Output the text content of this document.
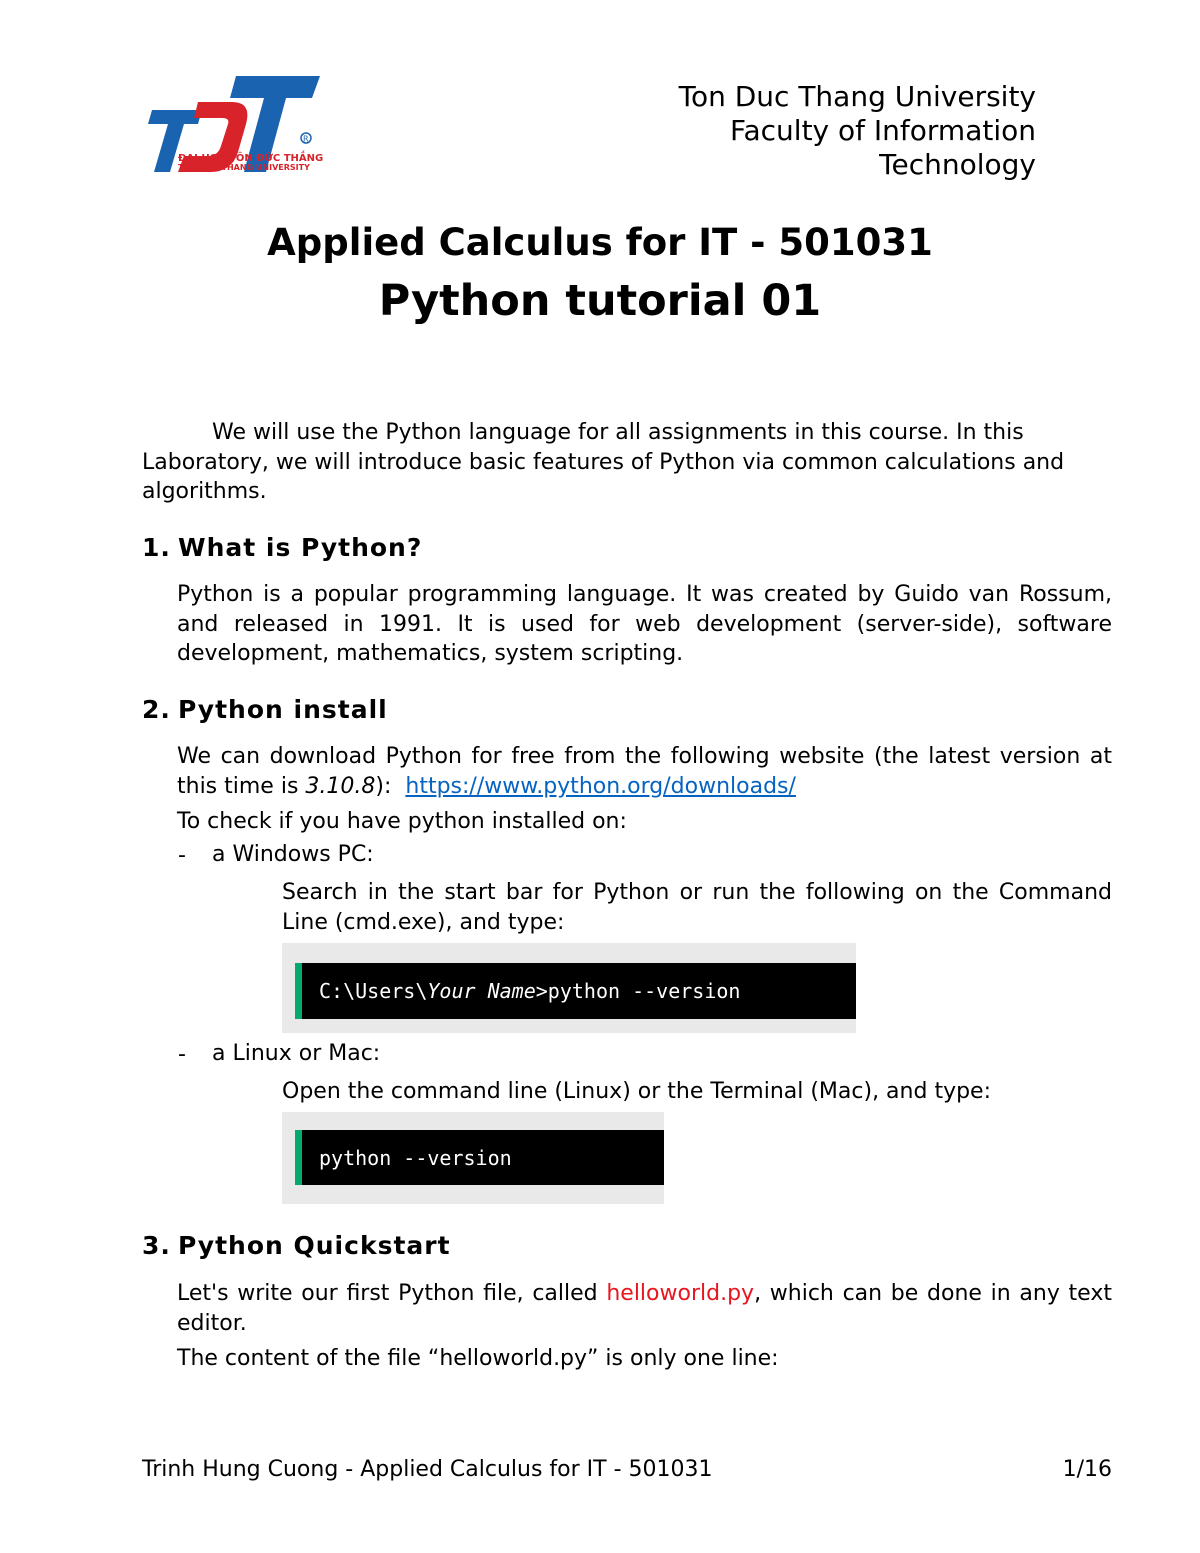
R
ĐẠI HỌC TÔN ĐỨC THẮNG
TON DUC THANG UNIVERSITY
Ton Duc Thang University
Faculty of Information
Technology
Applied Calculus for IT - 501031
Python tutorial 01
We will use the Python language for all assignments in this course. In this Laboratory, we will introduce basic features of Python via common calculations and algorithms.
1. What is Python?
Python is a popular programming language. It was created by Guido van Rossum, and released in 1991. It is used for web development (server-side), software development, mathematics, system scripting.
2. Python install
We can download Python for free from the following website (the latest version at this time is 3.10.8): https://www.python.org/downloads/
To check if you have python installed on:
- a Windows PC:
Search in the start bar for Python or run the following on the Command Line (cmd.exe), and type:
C:\Users\ Your Name >python --version
- a Linux or Mac:
Open the command line (Linux) or the Terminal (Mac), and type:
python --version
3. Python Quickstart
Let's write our first Python file, called helloworld.py, which can be done in any text editor.
The content of the file “helloworld.py” is only one line:
Trinh Hung Cuong - Applied Calculus for IT - 501031	1/16
